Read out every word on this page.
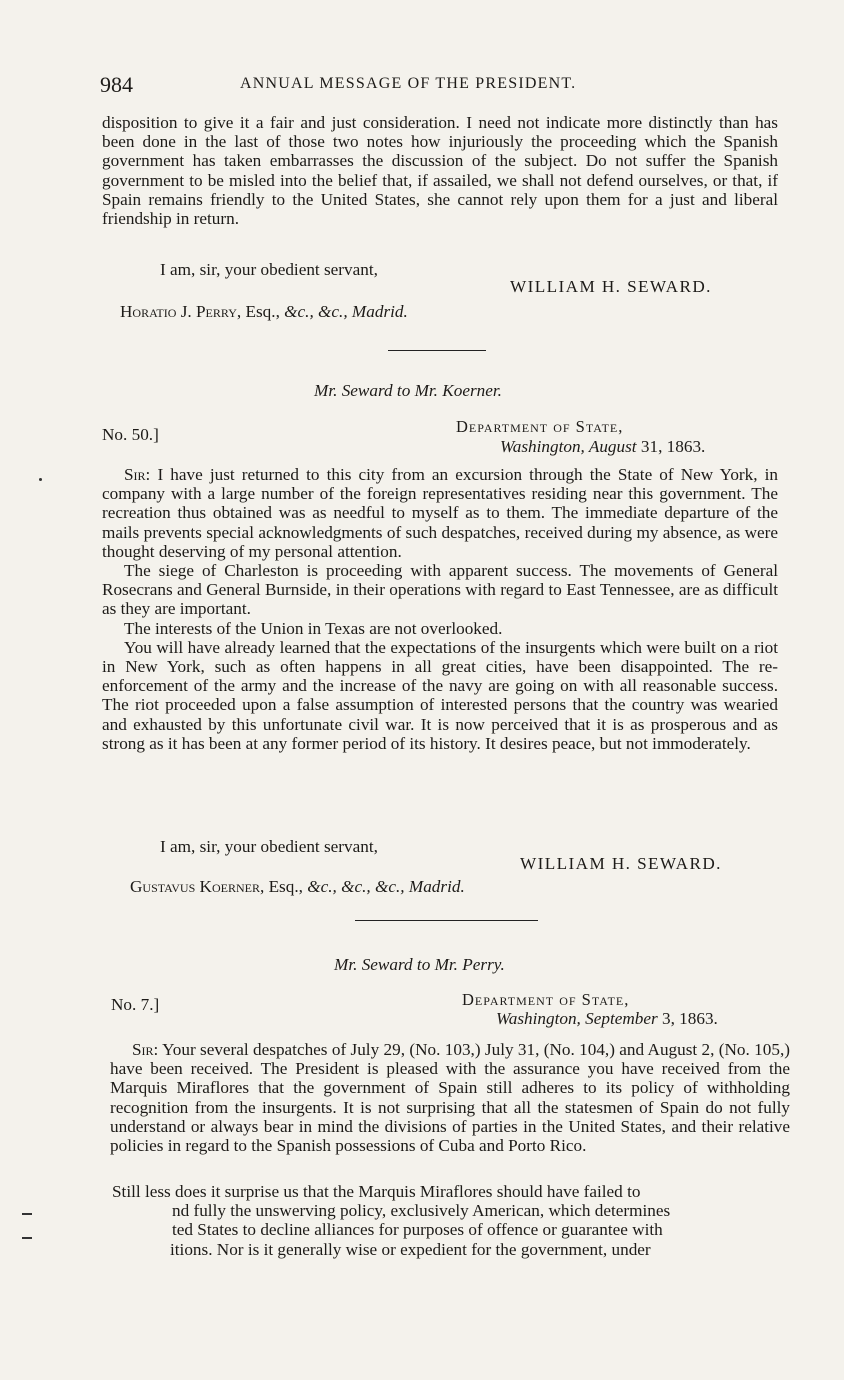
984	ANNUAL MESSAGE OF THE PRESIDENT.

disposition to give it a fair and just consideration. I need not indicate more distinctly than has been done in the last of those two notes how injuriously the proceeding which the Spanish government has taken embarrasses the discussion of the subject. Do not suffer the Spanish government to be misled into the belief that, if assailed, we shall not defend ourselves, or that, if Spain remains friendly to the United States, she cannot rely upon them for a just and liberal friendship in return.

I am, sir, your obedient servant,
WILLIAM H. SEWARD.
Horatio J. Perry, Esq., &c., &c., Madrid.
Mr. Seward to Mr. Koerner.
No. 50.]	Department of State,
Washington, August 31, 1863.

Sir: I have just returned to this city from an excursion through the State of New York, in company with a large number of the foreign representatives residing near this government. The recreation thus obtained was as needful to myself as to them. The immediate departure of the mails prevents special acknowledgments of such despatches, received during my absence, as were thought deserving of my personal attention.

The siege of Charleston is proceeding with apparent success. The movements of General Rosecrans and General Burnside, in their operations with regard to East Tennessee, are as difficult as they are important.

The interests of the Union in Texas are not overlooked.

You will have already learned that the expectations of the insurgents which were built on a riot in New York, such as often happens in all great cities, have been disappointed. The re-enforcement of the army and the increase of the navy are going on with all reasonable success. The riot proceeded upon a false assumption of interested persons that the country was wearied and exhausted by this unfortunate civil war. It is now perceived that it is as prosperous and as strong as it has been at any former period of its history. It desires peace, but not immoderately.

I am, sir, your obedient servant,
WILLIAM H. SEWARD.
Gustavus Koerner, Esq., &c., &c., &c., Madrid.
Mr. Seward to Mr. Perry.
No. 7.]	Department of State,
Washington, September 3, 1863.

Sir: Your several despatches of July 29, (No. 103,) July 31, (No. 104,) and August 2, (No. 105,) have been received. The President is pleased with the assurance you have received from the Marquis Miraflores that the government of Spain still adheres to its policy of withholding recognition from the insurgents. It is not surprising that all the statesmen of Spain do not fully understand or always bear in mind the divisions of parties in the United States, and their relative policies in regard to the Spanish possessions of Cuba and Porto Rico.

Still less does it surprise us that the Marquis Miraflores should have failed to
nd fully the unswerving policy, exclusively American, which determines
ted States to decline alliances for purposes of offence or guarantee with
itions. Nor is it generally wise or expedient for the government, under
